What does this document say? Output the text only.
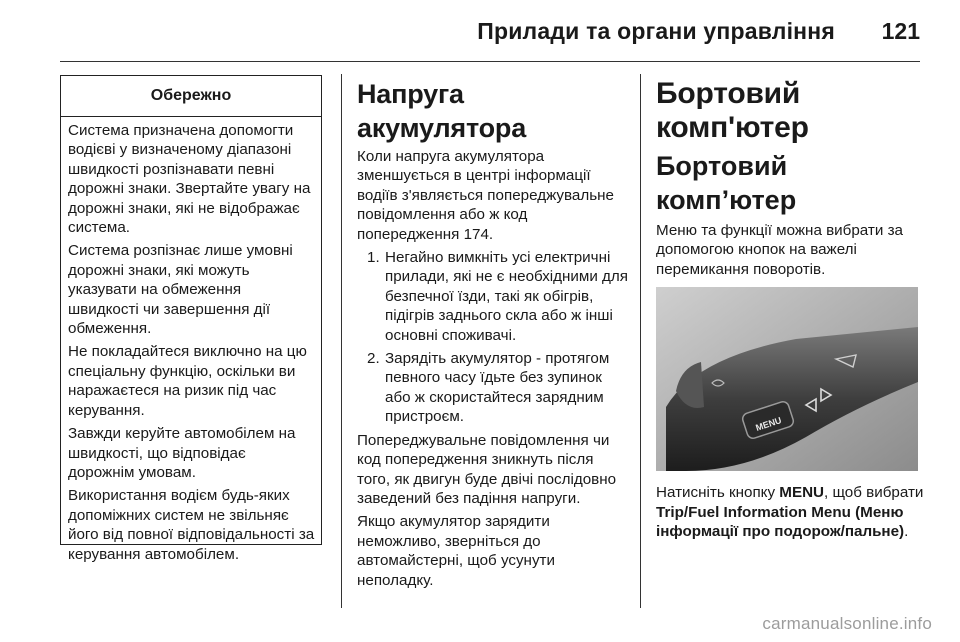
Прилади та органи управління 121
Обережно

Система призначена допомогти водієві у визначеному діапазоні швидкості розпізнавати певні дорожні знаки. Звертайте увагу на дорожні знаки, які не відображає система.

Система розпізнає лише умовні дорожні знаки, які можуть указувати на обмеження швидкості чи завершення дії обмеження.

Не покладайтеся виключно на цю спеціальну функцію, оскільки ви наражаєтеся на ризик під час керування.

Завжди керуйте автомобілем на швидкості, що відповідає дорожнім умовам.

Використання водієм будь-яких допоміжних систем не звільняє його від повної відповідальності за керування автомобілем.

Напруга акумулятора

Коли напруга акумулятора зменшується в центрі інформації водіїв з'являється попереджувальне повідомлення або ж код попередження 174.

1. Негайно вимкніть усі електричні прилади, які не є необхідними для безпечної їзди, такі як обігрів, підігрів заднього скла або ж інші основні споживачі.
2. Зарядіть акумулятор - протягом певного часу їдьте без зупинок або ж скористайтеся зарядним пристроєм.

Попереджувальне повідомлення чи код попередження зникнуть після того, як двигун буде двічі послідовно заведений без падіння напруги.

Якщо акумулятор зарядити неможливо, зверніться до автомайстерні, щоб усунути неполадку.

Бортовий комп'ютер
Бортовий комп’ютер

Меню та функції можна вибрати за допомогою кнопок на важелі перемикання поворотів.

MENU

Натисніть кнопку MENU, щоб вибрати Trip/Fuel Information Menu (Меню інформації про подорож/пальне).

carmanualsonline.info
